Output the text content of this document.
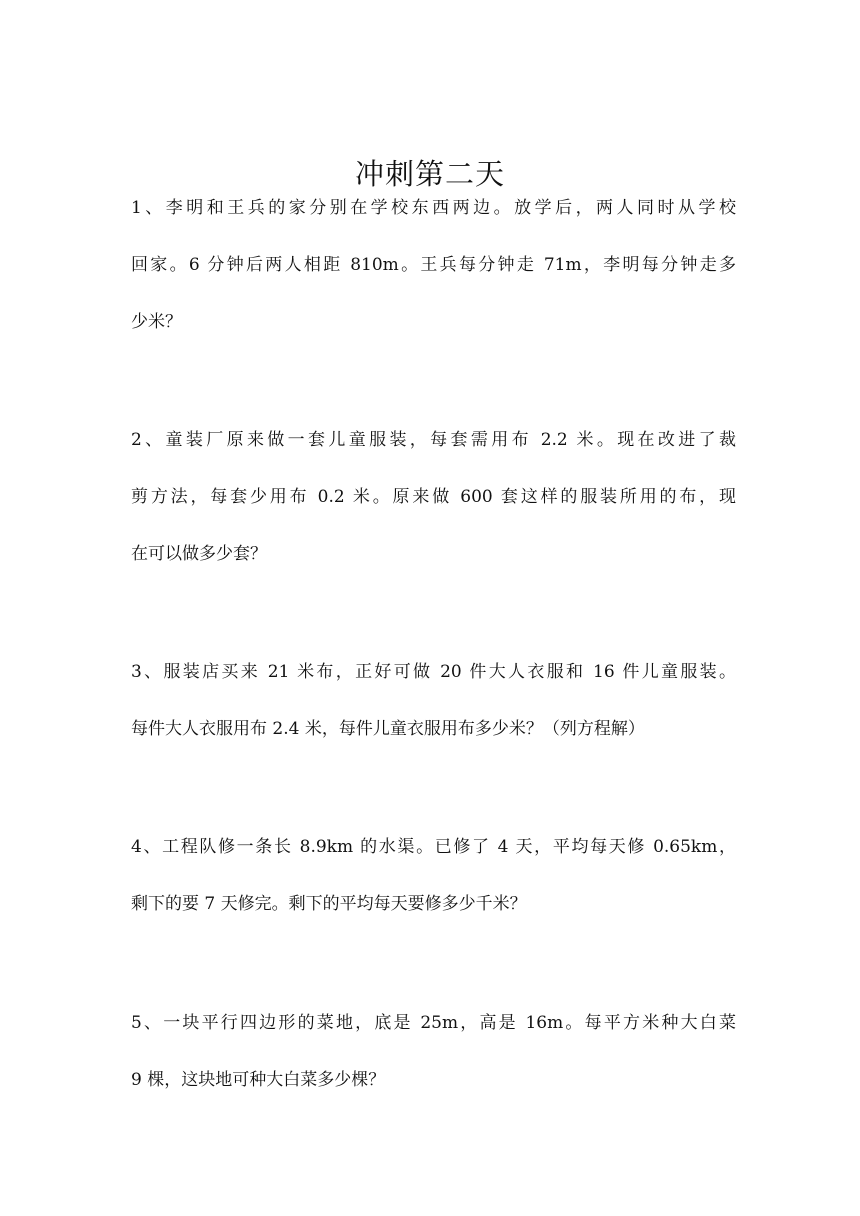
冲刺第二天
1、李明和王兵的家分别在学校东西两边。放学后，两人同时从学校
回家。6 分钟后两人相距 810m。王兵每分钟走 71m，李明每分钟走多
少米？
2、童装厂原来做一套儿童服装，每套需用布 2.2 米。现在改进了裁
剪方法，每套少用布 0.2 米。原来做 600 套这样的服装所用的布，现
在可以做多少套？
3、服装店买来 21 米布，正好可做 20 件大人衣服和 16 件儿童服装。
每件大人衣服用布 2.4 米，每件儿童衣服用布多少米？（列方程解）
4、工程队修一条长 8.9km 的水渠。已修了 4 天，平均每天修 0.65km，
剩下的要 7 天修完。剩下的平均每天要修多少千米？
5、一块平行四边形的菜地，底是 25m，高是 16m。每平方米种大白菜
9 棵，这块地可种大白菜多少棵？
